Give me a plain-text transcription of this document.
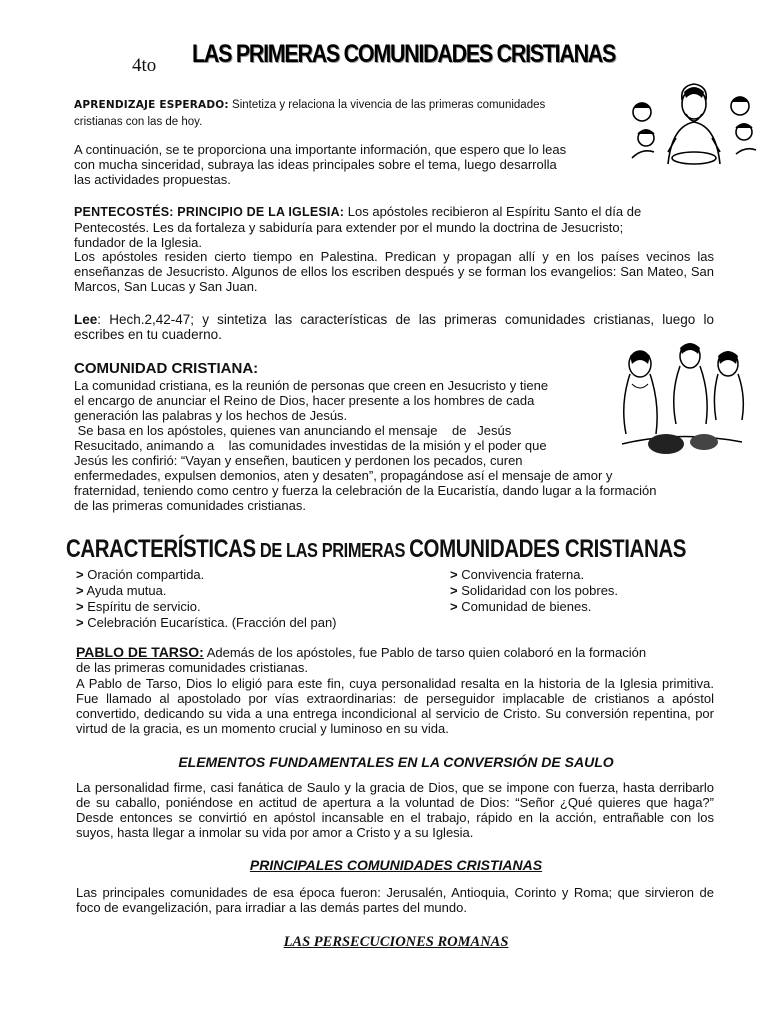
4to LAS PRIMERAS COMUNIDADES CRISTIANAS
APRENDIZAJE ESPERADO: Sintetiza y relaciona la vivencia de las primeras comunidades
cristianas con las de hoy.
A continuación, se te proporciona una importante información, que espero que lo leas
con mucha sinceridad, subraya las ideas principales sobre el tema, luego desarrolla
las actividades propuestas.
PENTECOSTÉS: PRINCIPIO DE LA IGLESIA: Los apóstoles recibieron al Espíritu Santo el día de
Pentecostés. Les da fortaleza y sabiduría para extender por el mundo la doctrina de Jesucristo;
fundador de la Iglesia.
Los apóstoles residen cierto tiempo en Palestina. Predican y propagan allí y en los países vecinos las enseñanzas de Jesucristo. Algunos de ellos los escriben después y se forman los evangelios: San Mateo, San Marcos, San Lucas y San Juan.
Lee: Hech.2,42-47; y sintetiza las características de las primeras comunidades cristianas, luego lo escribes en tu cuaderno.
COMUNIDAD CRISTIANA:
La comunidad cristiana, es la reunión de personas que creen en Jesucristo y tiene
el encargo de anunciar el Reino de Dios, hacer presente a los hombres de cada
generación las palabras y los hechos de Jesús.
Se basa en los apóstoles, quienes van anunciando el mensaje    de   Jesús
Resucitado, animando a    las comunidades investidas de la misión y el poder que
Jesús les confirió: “Vayan y enseñen, bauticen y perdonen los pecados, curen
enfermedades, expulsen demonios, aten y desaten”, propagándose así el mensaje de amor y
fraternidad, teniendo como centro y fuerza la celebración de la Eucaristía, dando lugar a la formación
de las primeras comunidades cristianas.
CARACTERÍSTICAS DE LAS PRIMERAS COMUNIDADES CRISTIANAS
> Oración compartida.
> Ayuda mutua.
> Espíritu de servicio.
> Celebración Eucarística. (Fracción del pan)
> Convivencia fraterna.
> Solidaridad con los pobres.
> Comunidad de bienes.
PABLO DE TARSO: Además de los apóstoles, fue Pablo de tarso quien colaboró en la formación
de las primeras comunidades cristianas.
A Pablo de Tarso, Dios lo eligió para este fin, cuya personalidad resalta en la historia de la Iglesia primitiva. Fue llamado al apostolado por vías extraordinarias: de perseguidor implacable de cristianos a apóstol convertido, dedicando su vida a una entrega incondicional al servicio de Cristo. Su conversión repentina, por virtud de la gracia, es un momento crucial y luminoso en su vida.
ELEMENTOS FUNDAMENTALES EN LA CONVERSIÓN DE SAULO
La personalidad firme, casi fanática de Saulo y la gracia de Dios, que se impone con fuerza, hasta derribarlo de su caballo, poniéndose en actitud de apertura a la voluntad de Dios: “Señor ¿Qué quieres que haga?” Desde entonces se convirtió en apóstol incansable en el trabajo, rápido en la acción, entrañable con los suyos, hasta llegar a inmolar su vida por amor a Cristo y a su Iglesia.
PRINCIPALES COMUNIDADES CRISTIANAS
Las principales comunidades de esa época fueron: Jerusalén, Antioquia, Corinto y Roma; que sirvieron de foco de evangelización, para irradiar a las demás partes del mundo.
LAS PERSECUCIONES ROMANAS
